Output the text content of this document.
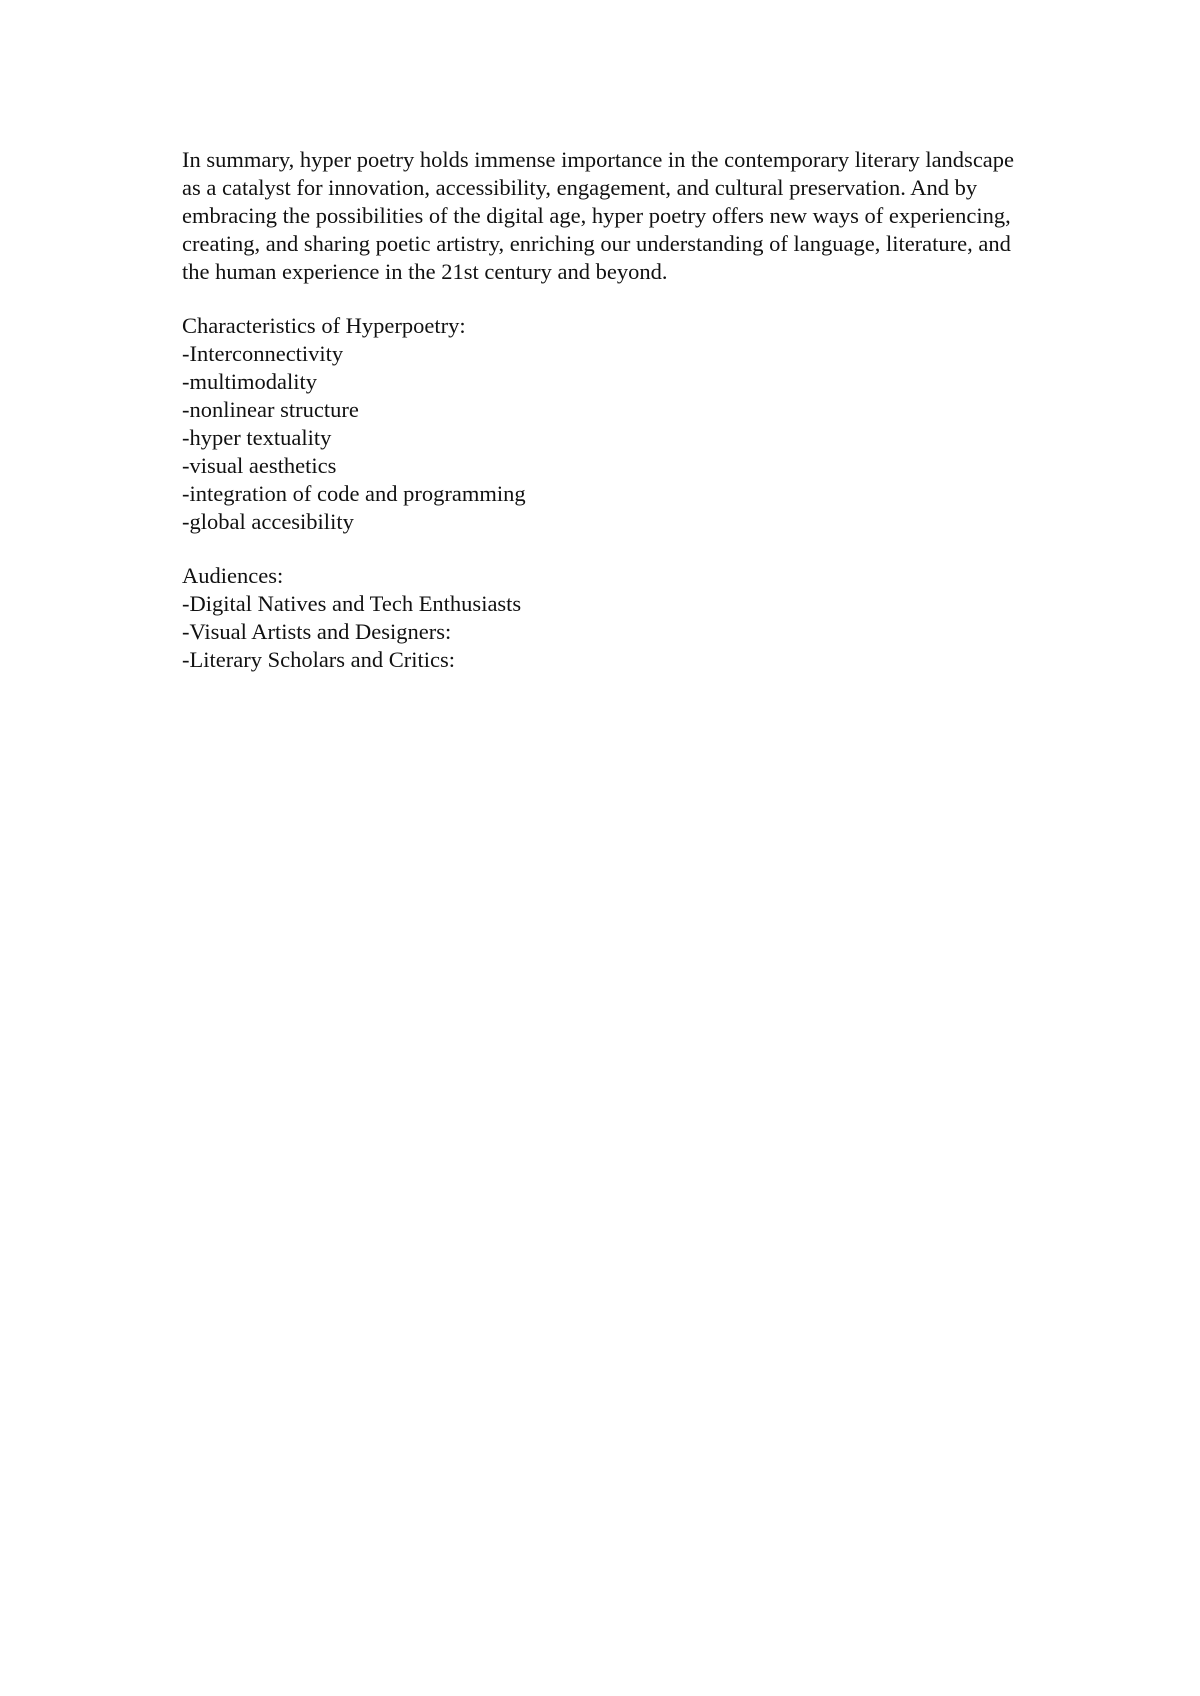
In summary, hyper poetry holds immense importance in the contemporary literary landscape as a catalyst for innovation, accessibility, engagement, and cultural preservation. And by embracing the possibilities of the digital age, hyper poetry offers new ways of experiencing, creating, and sharing poetic artistry, enriching our understanding of language, literature, and the human experience in the 21st century and beyond.

Characteristics of Hyperpoetry:

-Interconnectivity
-multimodality
-nonlinear structure
-hyper textuality
-visual aesthetics
-integration of code and programming
-global accesibility

Audiences:

-Digital Natives and Tech Enthusiasts
-Visual Artists and Designers:
-Literary Scholars and Critics:
